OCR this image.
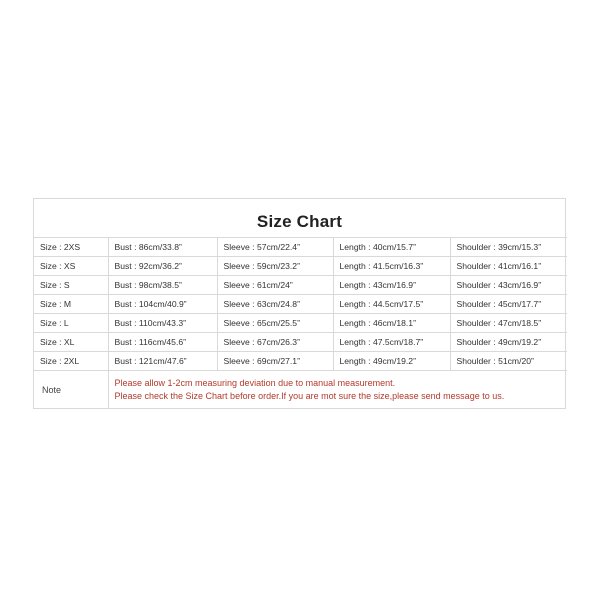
Size Chart
Size : 2XS	Bust : 86cm/33.8”	Sleeve : 57cm/22.4”	Length : 40cm/15.7”	Shoulder : 39cm/15.3”
Size : XS	Bust : 92cm/36.2”	Sleeve : 59cm/23.2”	Length : 41.5cm/16.3”	Shoulder : 41cm/16.1”
Size : S	Bust : 98cm/38.5”	Sleeve : 61cm/24”	Length : 43cm/16.9”	Shoulder : 43cm/16.9”
Size : M	Bust : 104cm/40.9”	Sleeve : 63cm/24.8”	Length : 44.5cm/17.5”	Shoulder : 45cm/17.7”
Size : L	Bust : 110cm/43.3”	Sleeve : 65cm/25.5”	Length : 46cm/18.1”	Shoulder : 47cm/18.5”
Size : XL	Bust : 116cm/45.6”	Sleeve : 67cm/26.3”	Length : 47.5cm/18.7”	Shoulder : 49cm/19.2”
Size : 2XL	Bust : 121cm/47.6”	Sleeve : 69cm/27.1”	Length : 49cm/19.2”	Shoulder : 51cm/20”
Note	Please allow 1-2cm measuring deviation due to manual measurement.
Please check the Size Chart before order.If you are mot sure the size,please send message to us.			
